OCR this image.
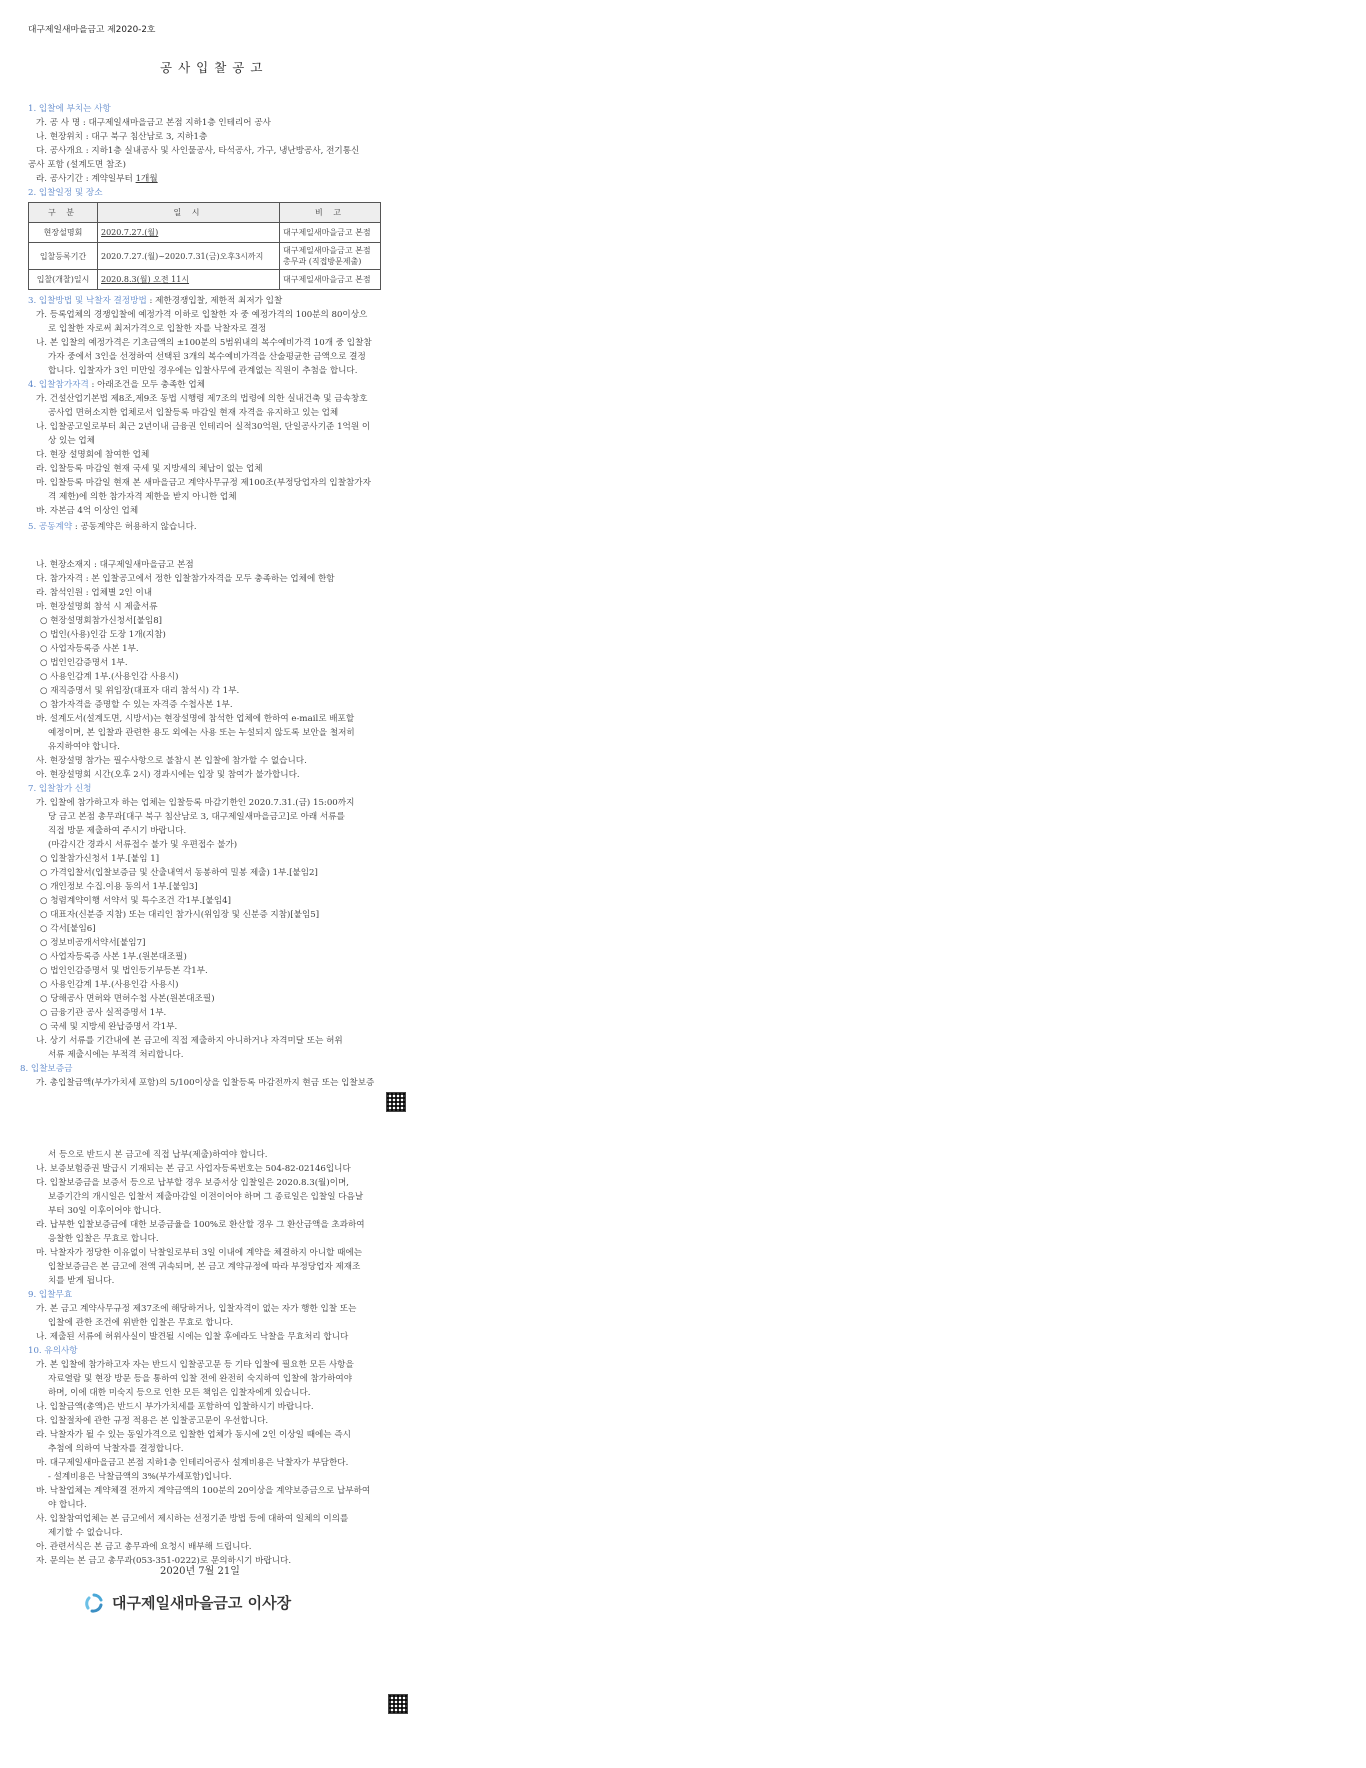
대구제일새마을금고 제2020-2호
공사입찰공고

1. 입찰에 부치는 사항

가. 공 사 명 : 대구제일새마을금고 본점 지하1층 인테리어 공사

나. 현장위치 : 대구 북구 침산남로 3, 지하1층

다. 공사개요 : 지하1층 실내공사 및 사인물공사, 타석공사, 가구, 냉난방공사, 전기통신

공사 포함 (설계도면 참조)

라. 공사기간 : 계약일부터 1개월

2. 입찰일정 및 장소

구 분	일 시	비 고
현장설명회	2020.7.27.(월)	대구제일새마을금고 본점
입찰등록기간	2020.7.27.(월)~2020.7.31(금)오후3시까지	대구제일새마을금고 본점 총무과 (직접방문제출)
입찰(개찰)일시	2020.8.3(월) 오전 11시	대구제일새마을금고 본점

3. 입찰방법 및 낙찰자 결정방법 : 제한경쟁입찰, 제한적 최저가 입찰

가. 등록업체의 경쟁입찰에 예정가격 이하로 입찰한 자 중 예정가격의 100분의 80이상으

로 입찰한 자로써 최저가격으로 입찰한 자를 낙찰자로 결정

나. 본 입찰의 예정가격은 기초금액의 ±100분의 5범위내의 복수예비가격 10개 중 입찰참

가자 중에서 3인을 선정하여 선택된 3개의 복수예비가격을 산술평균한 금액으로 결정

합니다. 입찰자가 3인 미만일 경우에는 입찰사무에 관계없는 직원이 추첨을 합니다.

4. 입찰참가자격 : 아래조건을 모두 충족한 업체

가. 건설산업기본법 제8조,제9조 동법 시행령 제7조의 법령에 의한 실내건축 및 금속창호

공사업 면허소지한 업체로서 입찰등록 마감일 현재 자격을 유지하고 있는 업체

나. 입찰공고일로부터 최근 2년이내 금융권 인테리어 실적30억원, 단일공사기준 1억원 이

상 있는 업체

다. 현장 설명회에 참여한 업체

라. 입찰등록 마감일 현재 국세 및 지방세의 체납이 없는 업체

마. 입찰등록 마감일 현재 본 새마을금고 계약사무규정 제100조(부정당업자의 입찰참가자

격 제한)에 의한 참가자격 제한을 받지 아니한 업체

바. 자본금 4억 이상인 업체

5. 공동계약 : 공동계약은 허용하지 않습니다.

나. 현장소재지 : 대구제일새마을금고 본점

다. 참가자격 : 본 입찰공고에서 정한 입찰참가자격을 모두 충족하는 업체에 한함

라. 참석인원 : 업체별 2인 이내

마. 현장설명회 참석 시 제출서류

○ 현장설명회참가신청서[붙임8]

○ 법인(사용)인감 도장 1개(지참)

○ 사업자등록증 사본 1부.

○ 법인인감증명서 1부.

○ 사용인감계 1부.(사용인감 사용시)

○ 재직증명서 및 위임장(대표자 대리 참석시) 각 1부.

○ 참가자격을 증명할 수 있는 자격증 수첩사본 1부.

바. 설계도서(설계도면, 시방서)는 현장설명에 참석한 업체에 한하여 e-mail로 배포할

예정이며, 본 입찰과 관련한 용도 외에는 사용 또는 누설되지 않도록 보안을 철저히

유지하여야 합니다.

사. 현장설명 참가는 필수사항으로 불참시 본 입찰에 참가할 수 없습니다.

아. 현장설명회 시간(오후 2시) 경과시에는 입장 및 참여가 불가합니다.

7. 입찰참가 신청

가. 입찰에 참가하고자 하는 업체는 입찰등록 마감기한인 2020.7.31.(금) 15:00까지

당 금고 본점 총무과[대구 북구 침산남로 3, 대구제일새마을금고]로 아래 서류를

직접 방문 제출하여 주시기 바랍니다.

(마감시간 경과시 서류접수 불가 및 우편접수 불가)

○ 입찰참가신청서 1부.[붙임 1]

○ 가격입찰서(입찰보증금 및 산출내역서 동봉하여 밀봉 제출) 1부.[붙임2]

○ 개인정보 수집.이용 동의서 1부.[붙임3]

○ 청렴계약이행 서약서 및 특수조건 각1부.[붙임4]

○ 대표자(신분증 지참) 또는 대리인 참가시(위임장 및 신분증 지참)[붙임5]

○ 각서[붙임6]

○ 정보비공개서약서[붙임7]

○ 사업자등록증 사본 1부.(원본대조필)

○ 법인인감증명서 및 법인등기부등본 각1부.

○ 사용인감계 1부.(사용인감 사용시)

○ 당해공사 면허와 면허수첩 사본(원본대조필)

○ 금융기관 공사 실적증명서 1부.

○ 국세 및 지방세 완납증명서 각1부.

나. 상기 서류를 기간내에 본 금고에 직접 제출하지 아니하거나 자격미달 또는 허위

서류 제출시에는 부적격 처리합니다.

8. 입찰보증금

가. 총입찰금액(부가가치세 포함)의 5/100이상을 입찰등록 마감전까지 현금 또는 입찰보증

서 등으로 반드시 본 금고에 직접 납부(제출)하여야 합니다.

나. 보증보험증권 발급시 기재되는 본 금고 사업자등록번호는 504-82-02146입니다

다. 입찰보증금을 보증서 등으로 납부할 경우 보증서상 입찰일은 2020.8.3(월)이며,

보증기간의 개시일은 입찰서 제출마감일 이전이어야 하며 그 종료일은 입찰일 다음날

부터 30일 이후이어야 합니다.

라. 납부한 입찰보증금에 대한 보증금율을 100%로 환산할 경우 그 환산금액을 초과하여

응찰한 입찰은 무효로 합니다.

마. 낙찰자가 정당한 이유없이 낙찰일로부터 3일 이내에 계약을 체결하지 아니할 때에는

입찰보증금은 본 금고에 전액 귀속되며, 본 금고 계약규정에 따라 부정당업자 제재조

치를 받게 됩니다.

9. 입찰무효

가. 본 금고 계약사무규정 제37조에 해당하거나, 입찰자격이 없는 자가 행한 입찰 또는

입찰에 관한 조건에 위반한 입찰은 무효로 합니다.

나. 제출된 서류에 허위사실이 발견될 시에는 입찰 후에라도 낙찰을 무효처리 합니다

10. 유의사항

가. 본 입찰에 참가하고자 자는 반드시 입찰공고문 등 기타 입찰에 필요한 모든 사항을

자료열람 및 현장 방문 등을 통하여 입찰 전에 완전히 숙지하여 입찰에 참가하여야

하며, 이에 대한 미숙지 등으로 인한 모든 책임은 입찰자에게 있습니다.

나. 입찰금액(총액)은 반드시 부가가치세를 포함하여 입찰하시기 바랍니다.

다. 입찰절차에 관한 규정 적용은 본 입찰공고문이 우선합니다.

라. 낙찰자가 될 수 있는 동일가격으로 입찰한 업체가 동시에 2인 이상일 때에는 즉시

추첨에 의하여 낙찰자를 결정합니다.

마. 대구제일새마을금고 본점 지하1층 인테리어공사 설계비용은 낙찰자가 부담한다.

- 설계비용은 낙찰금액의 3%(부가세포함)입니다.

바. 낙찰업체는 계약체결 전까지 계약금액의 100분의 20이상을 계약보증금으로 납부하여

야 합니다.

사. 입찰참여업체는 본 금고에서 제시하는 선정기준 방법 등에 대하여 일체의 이의를

제기할 수 없습니다.

아. 관련서식은 본 금고 총무과에 요청시 배부해 드립니다.

자. 문의는 본 금고 총무과(053-351-0222)로 문의하시기 바랍니다.

2020년 7월 21일
대구제일새마을금고 이사장
